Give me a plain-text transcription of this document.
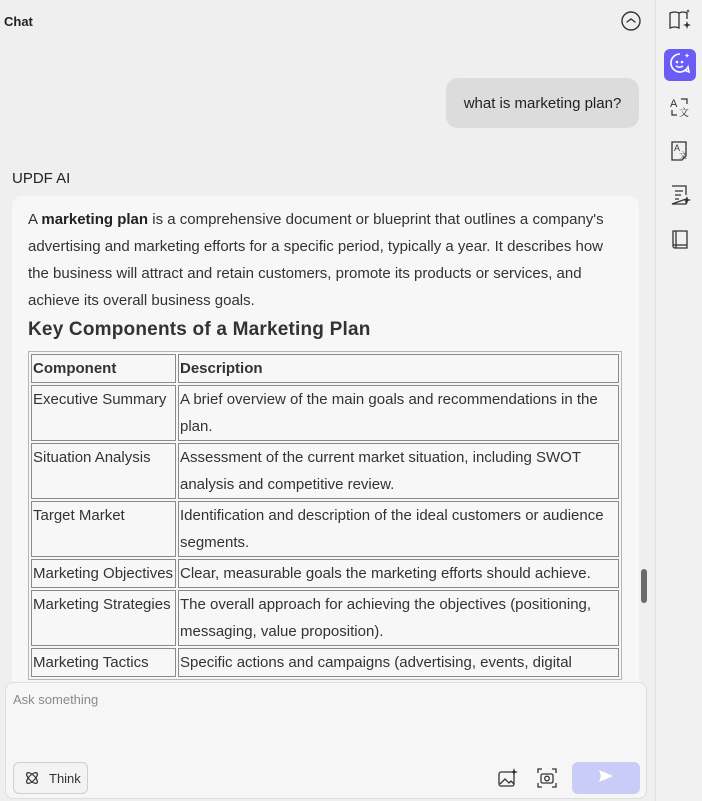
Chat
what is marketing plan?
UPDF AI

A marketing plan is a comprehensive document or blueprint that outlines a company's advertising and marketing efforts for a specific period, typically a year. It describes how the business will attract and retain customers, promote its products or services, and achieve its overall business goals.

Key Components of a Marketing Plan
Component	Description
Executive Summary	A brief overview of the main goals and recommendations in the plan.
Situation Analysis	Assessment of the current market situation, including SWOT analysis and competitive review.
Target Market	Identification and description of the ideal customers or audience segments.
Marketing Objectives	Clear, measurable goals the marketing efforts should achieve.
Marketing Strategies	The overall approach for achieving the objectives (positioning, messaging, value proposition).
Marketing Tactics	Specific actions and campaigns (advertising, events, digital
Ask something
Think
A
文
A
文
